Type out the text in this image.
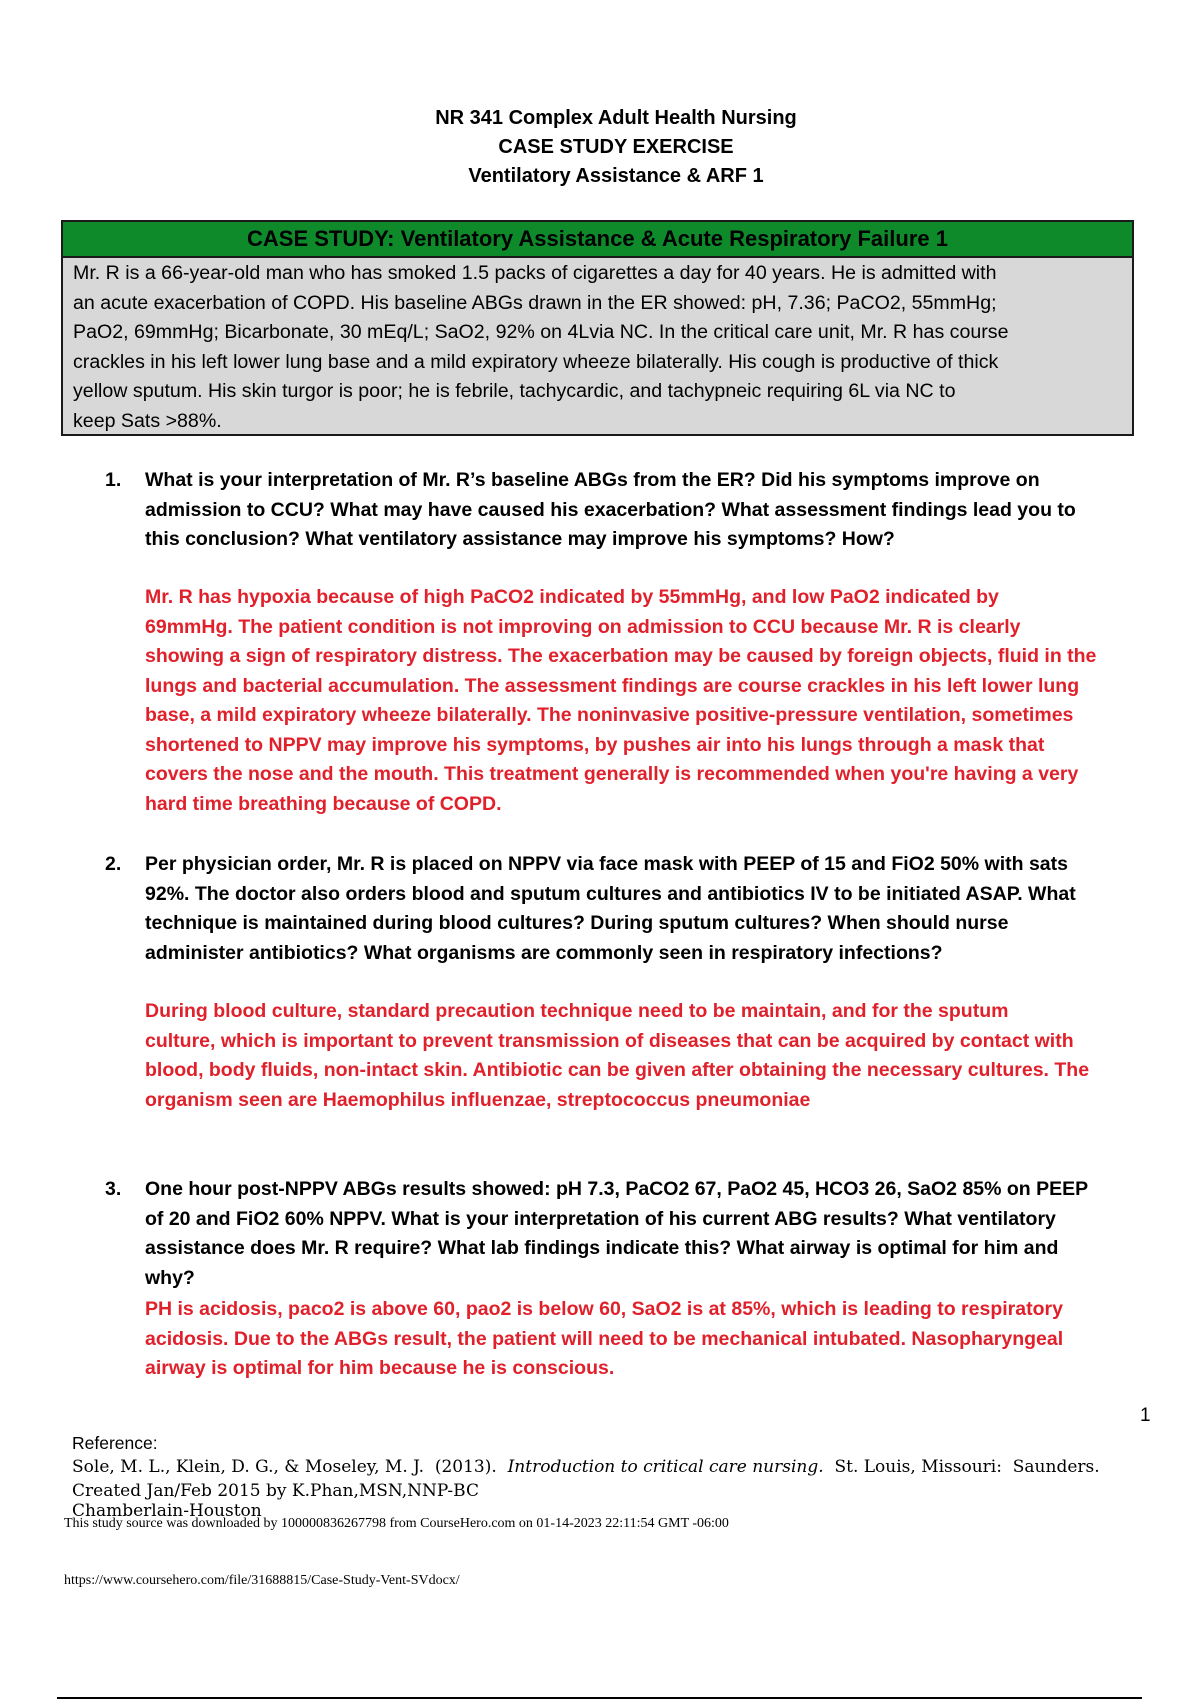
NR 341 Complex Adult Health Nursing
CASE STUDY EXERCISE
Ventilatory Assistance & ARF 1
CASE STUDY: Ventilatory Assistance & Acute Respiratory Failure 1
Mr. R is a 66-year-old man who has smoked 1.5 packs of cigarettes a day for 40 years. He is admitted with
an acute exacerbation of COPD. His baseline ABGs drawn in the ER showed: pH, 7.36; PaCO2, 55mmHg;
PaO2, 69mmHg; Bicarbonate, 30 mEq/L; SaO2, 92% on 4Lvia NC. In the critical care unit, Mr. R has course
crackles in his left lower lung base and a mild expiratory wheeze bilaterally. His cough is productive of thick
yellow sputum. His skin turgor is poor; he is febrile, tachycardic, and tachypneic requiring 6L via NC to
keep Sats >88%.
1.	What is your interpretation of Mr. R’s baseline ABGs from the ER? Did his symptoms improve on
admission to CCU? What may have caused his exacerbation? What assessment findings lead you to
this conclusion? What ventilatory assistance may improve his symptoms? How?
Mr. R has hypoxia because of high PaCO2 indicated by 55mmHg, and low PaO2 indicated by
69mmHg. The patient condition is not improving on admission to CCU because Mr. R is clearly
showing a sign of respiratory distress. The exacerbation may be caused by foreign objects, fluid in the
lungs and bacterial accumulation. The assessment findings are course crackles in his left lower lung
base, a mild expiratory wheeze bilaterally. The noninvasive positive-pressure ventilation, sometimes
shortened to NPPV may improve his symptoms, by pushes air into his lungs through a mask that
covers the nose and the mouth. This treatment generally is recommended when you're having a very
hard time breathing because of COPD.
2.	Per physician order, Mr. R is placed on NPPV via face mask with PEEP of 15 and FiO2 50% with sats
92%. The doctor also orders blood and sputum cultures and antibiotics IV to be initiated ASAP. What
technique is maintained during blood cultures? During sputum cultures? When should nurse
administer antibiotics? What organisms are commonly seen in respiratory infections?
During blood culture, standard precaution technique need to be maintain, and for the sputum
culture, which is important to prevent transmission of diseases that can be acquired by contact with
blood, body fluids, non-intact skin. Antibiotic can be given after obtaining the necessary cultures. The
organism seen are Haemophilus influenzae, streptococcus pneumoniae
3.	One hour post-NPPV ABGs results showed: pH 7.3, PaCO2 67, PaO2 45, HCO3 26, SaO2 85% on PEEP
of 20 and FiO2 60% NPPV. What is your interpretation of his current ABG results? What ventilatory
assistance does Mr. R require? What lab findings indicate this? What airway is optimal for him and
why?
PH is acidosis, paco2 is above 60, pao2 is below 60, SaO2 is at 85%, which is leading to respiratory
acidosis. Due to the ABGs result, the patient will need to be mechanical intubated. Nasopharyngeal
airway is optimal for him because he is conscious.
1
Reference:
Sole, M. L., Klein, D. G., & Moseley, M. J.  (2013).  Introduction to critical care nursing.  St. Louis, Missouri:  Saunders.
Created Jan/Feb 2015 by K.Phan,MSN,NNP-BC
Chamberlain-Houston
This study source was downloaded by 100000836267798 from CourseHero.com on 01-14-2023 22:11:54 GMT -06:00
https://www.coursehero.com/file/31688815/Case-Study-Vent-SVdocx/
